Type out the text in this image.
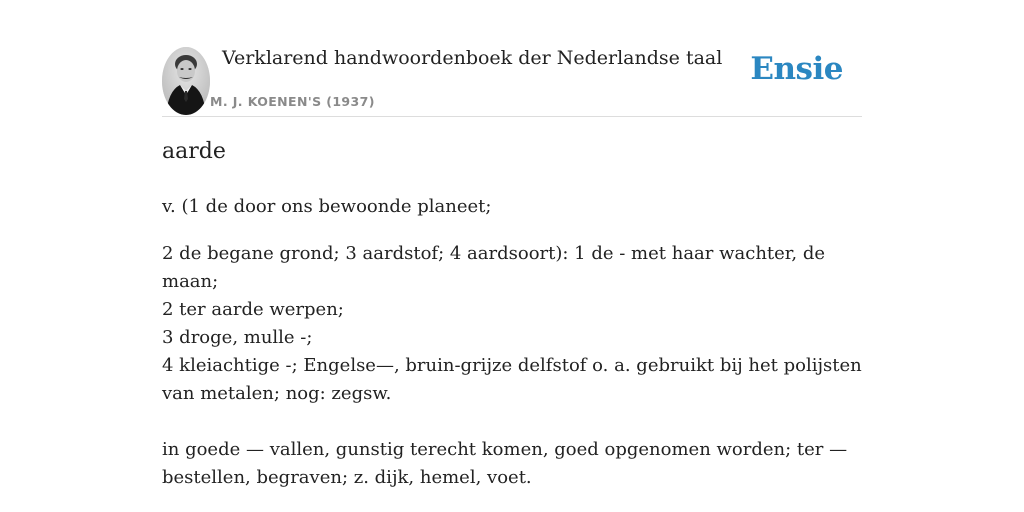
Verklarend handwoordenboek der Nederlandse taal
M. J. KOENEN'S (1937)
Ensie
aarde

v. (1 de door ons bewoonde planeet;

2 de begane grond; 3 aardstof; 4 aardsoort): 1 de - met haar wachter, de maan;

2 ter aarde werpen;

3 droge, mulle -;

4 kleiachtige -; Engelse—, bruin-grijze delfstof o. a. gebruikt bij het polijsten van metalen; nog: zegsw.

in goede — vallen, gunstig terecht komen, goed opgenomen worden; ter — bestellen, begraven; z. dijk, hemel, voet.
